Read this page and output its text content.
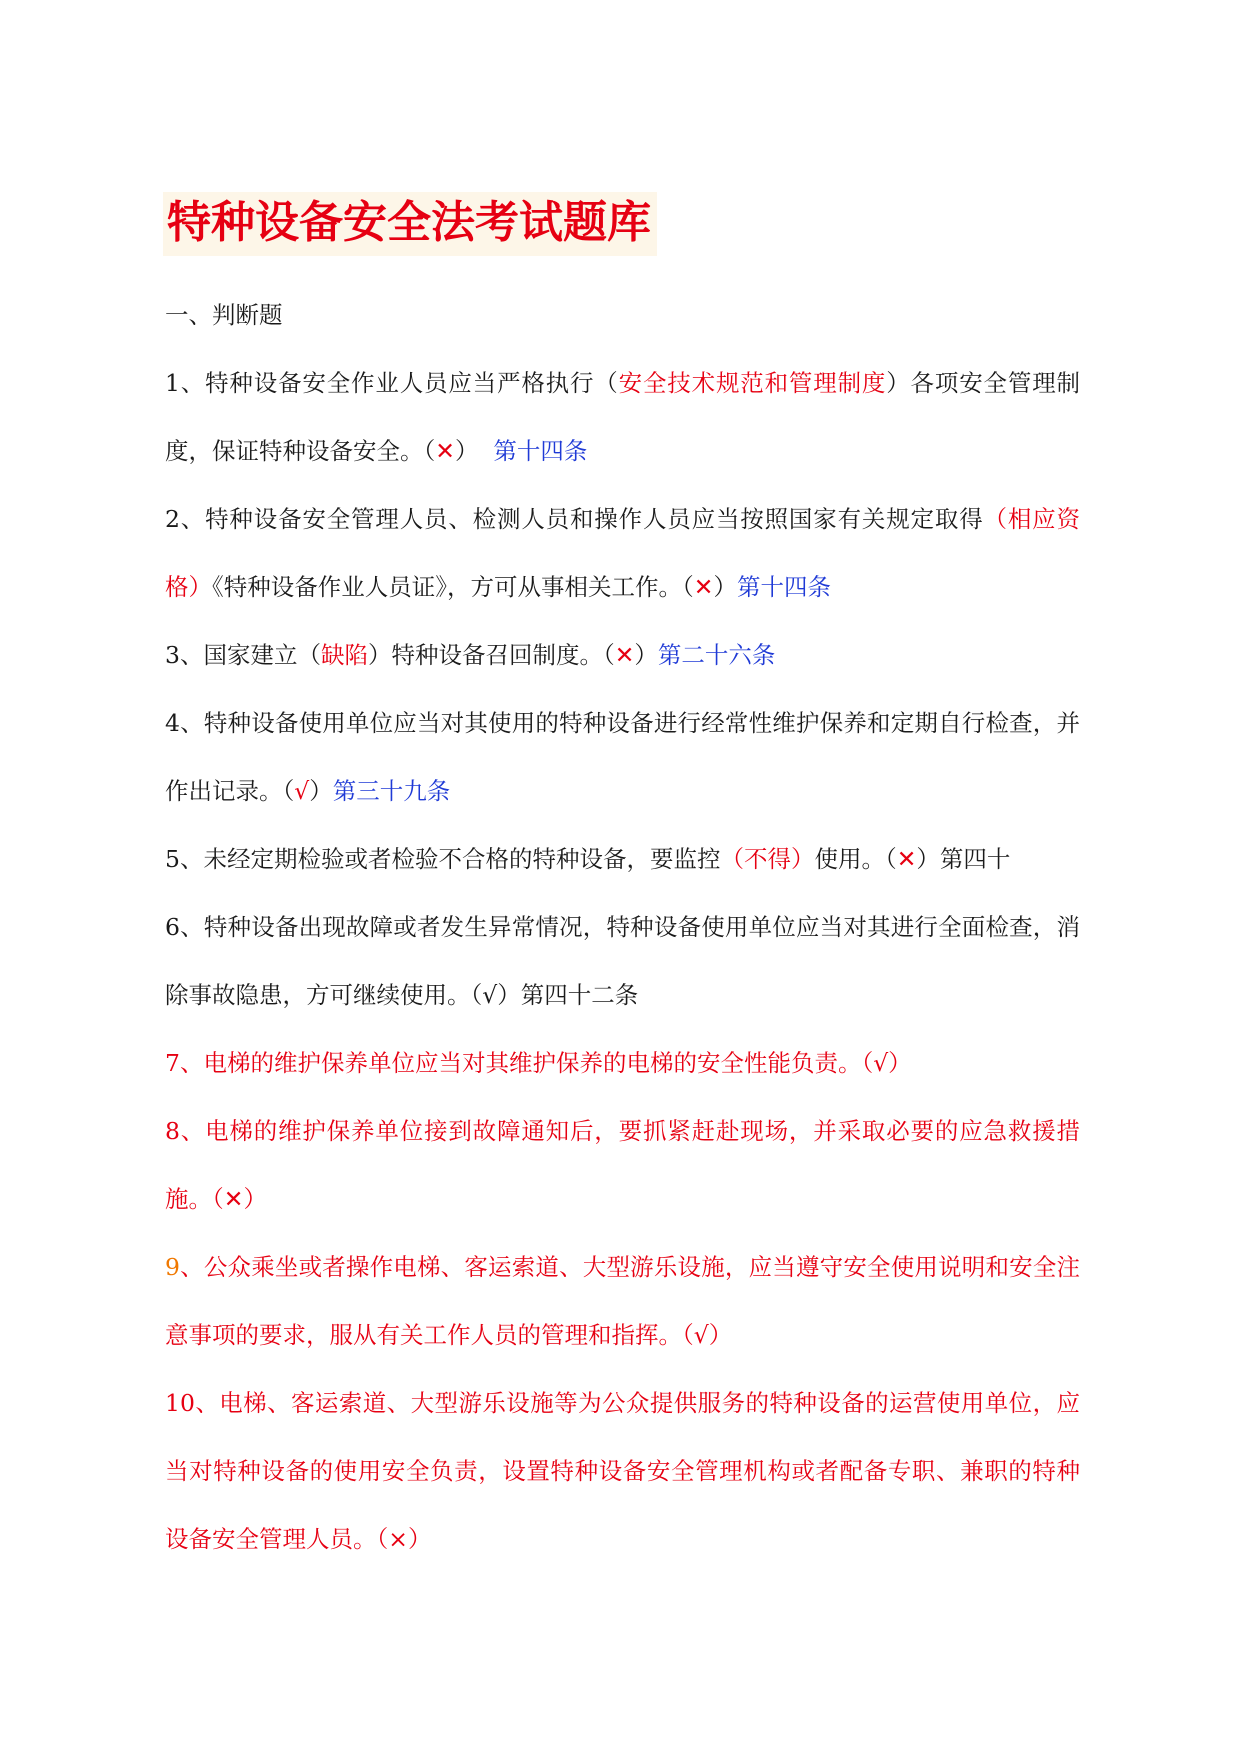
特种设备安全法考试题库

一、判断题

1、特种设备安全作业人员应当严格执行（安全技术规范和管理制度）各项安全管理制度，保证特种设备安全。（✕）  第十四条

2、特种设备安全管理人员、检测人员和操作人员应当按照国家有关规定取得（相应资格）《特种设备作业人员证》，方可从事相关工作。（✕）第十四条

3、国家建立（缺陷）特种设备召回制度。（✕）第二十六条

4、特种设备使用单位应当对其使用的特种设备进行经常性维护保养和定期自行检查，并作出记录。（√）第三十九条

5、未经定期检验或者检验不合格的特种设备，要监控（不得）使用。（✕）第四十

6、特种设备出现故障或者发生异常情况，特种设备使用单位应当对其进行全面检查，消除事故隐患，方可继续使用。（√）第四十二条

7、电梯的维护保养单位应当对其维护保养的电梯的安全性能负责。（√）

8、电梯的维护保养单位接到故障通知后，要抓紧赶赴现场，并采取必要的应急救援措施。（✕）

9、公众乘坐或者操作电梯、客运索道、大型游乐设施，应当遵守安全使用说明和安全注意事项的要求，服从有关工作人员的管理和指挥。（√）

10、电梯、客运索道、大型游乐设施等为公众提供服务的特种设备的运营使用单位，应当对特种设备的使用安全负责，设置特种设备安全管理机构或者配备专职、兼职的特种设备安全管理人员。（×）
